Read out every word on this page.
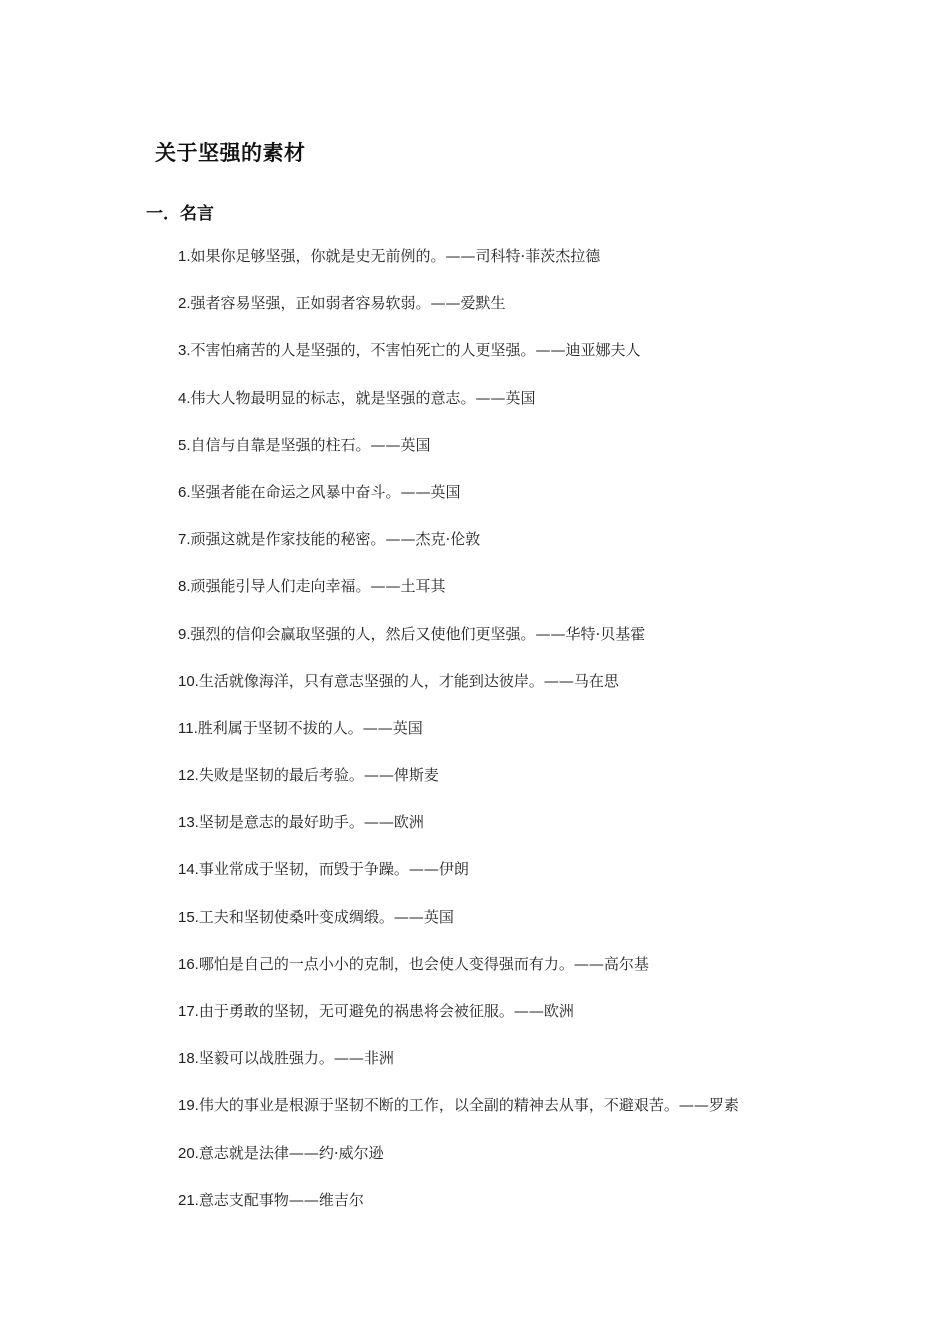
关于坚强的素材
一．名言
1.如果你足够坚强，你就是史无前例的。——司科特·菲茨杰拉德
2.强者容易坚强，正如弱者容易软弱。——爱默生
3.不害怕痛苦的人是坚强的，不害怕死亡的人更坚强。——迪亚娜夫人
4.伟大人物最明显的标志，就是坚强的意志。——英国
5.自信与自靠是坚强的柱石。——英国
6.坚强者能在命运之风暴中奋斗。——英国
7.顽强这就是作家技能的秘密。——杰克·伦敦
8.顽强能引导人们走向幸福。——土耳其
9.强烈的信仰会赢取坚强的人，然后又使他们更坚强。——华特·贝基霍
10.生活就像海洋，只有意志坚强的人，才能到达彼岸。——马在思
11.胜利属于坚韧不拔的人。——英国
12.失败是坚韧的最后考验。——俾斯麦
13.坚韧是意志的最好助手。——欧洲
14.事业常成于坚韧，而毁于争躁。——伊朗
15.工夫和坚韧使桑叶变成绸缎。——英国
16.哪怕是自己的一点小小的克制，也会使人变得强而有力。——高尔基
17.由于勇敢的坚韧，无可避免的祸患将会被征服。——欧洲
18.坚毅可以战胜强力。——非洲
19.伟大的事业是根源于坚韧不断的工作，以全副的精神去从事，不避艰苦。——罗素
20.意志就是法律——约·威尔逊
21.意志支配事物——维吉尔
